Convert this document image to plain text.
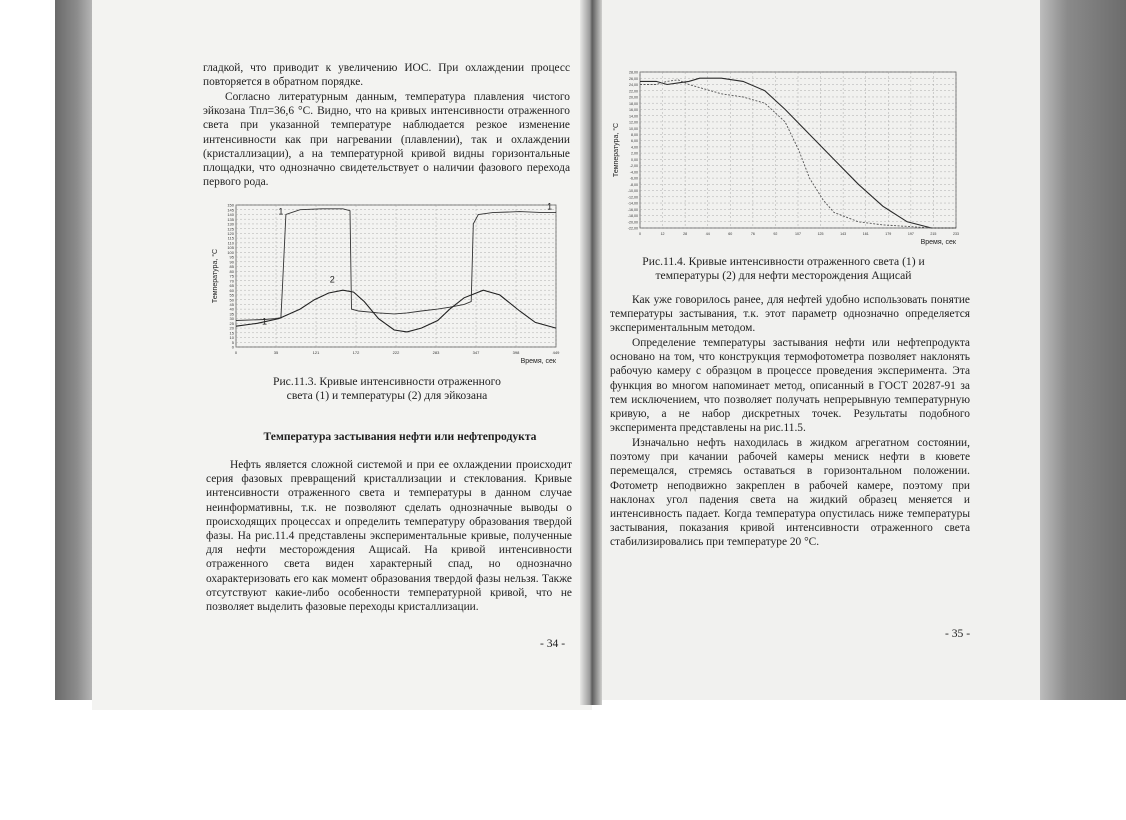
гладкой, что приводит к увеличению ИОС. При охлаждении процесс повторяется в обратном порядке.

Согласно литературным данным, температура плавления чистого эйкозана Тпл=36,6 °С. Видно, что на кривых интенсивности отраженного света при указанной температуре наблюдается резкое изменение интенсивности как при нагревании (плавлении), так и охлаждении (кристаллизации), а на температурной кривой видны горизонтальные площадки, что однозначно свидетельствует о наличии фазового перехода первого рода.

150
145
140
135
130
125
120
115
110
105
100
95
90
85
80
75
70
65
60
55
50
45
40
35
30
25
20
15
10
5
0
0	35	121	172	222	283	347	398	449
Температура, °С
Время, сек
1
2
1
1

Рис.11.3. Кривые интенсивности отраженного света (1) и температуры (2) для эйкозана

Температура застывания нефти или нефтепродукта

Нефть является сложной системой и при ее охлаждении происходит серия фазовых превращений кристаллизации и стеклования. Кривые интенсивности отраженного света и температуры в данном случае неинформативны, т.к. не позволяют сделать однозначные выводы о происходящих процессах и определить температуру образования твердой фазы. На рис.11.4 представлены экспериментальные кривые, полученные для нефти месторождения Ащисай. На кривой интенсивности отраженного света виден характерный спад, но однозначно охарактеризовать его как момент образования твердой фазы нельзя. Также отсутствуют какие-либо особенности температурной кривой, что не позволяет выделить фазовые переходы кристаллизации.

- 34 -

28,00
26,00
24,00
22,00
20,00
18,00
16,00
14,00
12,00
10,00
8,00
6,00
4,00
2,00
0,00
-2,00
-4,00
-6,00
-8,00
-10,00
-12,00
-14,00
-16,00
-18,00
-20,00
-22,00
0	12	28	44	60	76	92	107	125	143	161	179	197	215	233
Температура, °С
Время, сек

Рис.11.4. Кривые интенсивности отраженного света (1) и температуры (2) для нефти месторождения Ащисай

Как уже говорилось ранее, для нефтей удобно использовать понятие температуры застывания, т.к. этот параметр однозначно определяется экспериментальным методом.

Определение температуры застывания нефти или нефтепродукта основано на том, что конструкция термофотометра позволяет наклонять рабочую камеру с образцом в процессе проведения эксперимента. Эта функция во многом напоминает метод, описанный в ГОСТ 20287-91 за тем исключением, что позволяет получать непрерывную температурную кривую, а не набор дискретных точек. Результаты подобного эксперимента представлены на рис.11.5.

Изначально нефть находилась в жидком агрегатном состоянии, поэтому при качании рабочей камеры мениск нефти в кювете перемещался, стремясь оставаться в горизонтальном положении. Фотометр неподвижно закреплен в рабочей камере, поэтому при наклонах угол падения света на жидкий образец меняется и интенсивность падает. Когда температура опустилась ниже температуры застывания, показания кривой интенсивности отраженного света стабилизировались при температуре 20 °С.

- 35 -
